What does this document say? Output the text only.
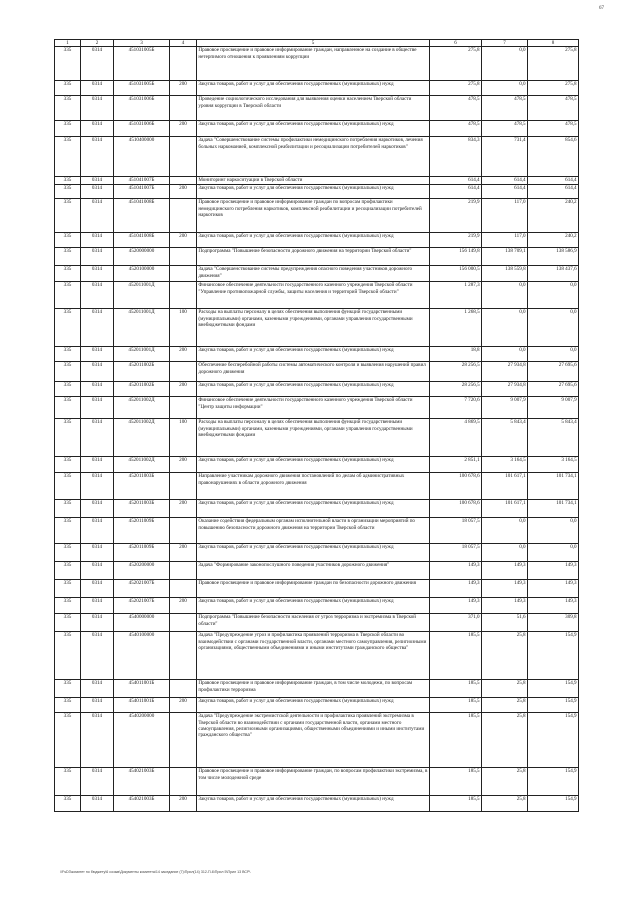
67
1	2	3	4	5	6	7	8
335	0314	451031005Б		Правовое просвещение и правовое информирование граждан, направленное на создание в обществе нетерпимого отношения к проявлениям коррупции	275,8	0,0	275,8
335	0314	451031005Б	200	Закупка товаров, работ и услуг для обеспечения государственных (муниципальных) нужд	275,8	0,0	275,8
335	0314	451031006Б		Проведение социологического исследования для выявления оценки населением Тверской области уровня коррупции в Тверской области	478,5	478,5	478,5
335	0314	451031006Б	200	Закупка товаров, работ и услуг для обеспечения государственных (муниципальных) нужд	478,5	478,5	478,5
335	0314	4510400000		Задача "Совершенствование системы профилактики немедицинского потребления наркотиков, лечения больных наркоманией, комплексной реабилитации и ресоциализации потребителей наркотиков"	834,3	731,4	854,6
335	0314	451041007Б		Мониторинг наркоситуации в Тверской области	614,4	614,4	614,4
335	0314	451041007Б	200	Закупка товаров, работ и услуг для обеспечения государственных (муниципальных) нужд	614,4	614,4	614,4
335	0314	451041008Б		Правовое просвещение и правовое информирование граждан по вопросам профилактики немедицинского потребления наркотиков, комплексной реабилитации и ресоциализации потребителей наркотиков	219,9	117,0	240,2
335	0314	451041008Б	200	Закупка товаров, работ и услуг для обеспечения государственных (муниципальных) нужд	219,9	117,0	240,2
335	0314	4520000000		Подпрограмма "Повышение безопасности дорожного движения на территории Тверской области"	156 149,8	138 709,1	138 586,9
335	0314	4520100000		Задача "Совершенствование системы предупреждения опасного поведения участников дорожного движения"	156 000,5	138 559,8	138 437,6
335	0314	452011001Д		Финансовое обеспечение деятельности государственного казенного учреждения Тверской области "Управление противопожарной службы, защиты населения и территорий Тверской области"	1 287,3	0,0	0,0
335	0314	452011001Д	100	Расходы на выплаты персоналу в целях обеспечения выполнения функций государственными (муниципальными) органами, казенными учреждениями, органами управления государственными внебюджетными фондами	1 268,5	0,0	0,0
335	0314	452011001Д	200	Закупка товаров, работ и услуг для обеспечения государственных (муниципальных) нужд	18,8	0,0	0,0
335	0314	452011002Б		Обеспечение бесперебойной работы системы автоматического контроля и выявления нарушений правил дорожного движения	28 256,5	27 934,8	27 695,6
335	0314	452011002Б	200	Закупка товаров, работ и услуг для обеспечения государственных (муниципальных) нужд	28 256,5	27 934,8	27 695,6
335	0314	452011002Д		Финансовое обеспечение деятельности государственного казенного учреждения Тверской области "Центр защиты информации"	7 720,6	9 007,9	9 007,9
335	0314	452011002Д	100	Расходы на выплаты персоналу в целях обеспечения выполнения функций государственными (муниципальными) органами, казенными учреждениями, органами управления государственными внебюджетными фондами	4 869,5	5 843,4	5 843,4
335	0314	452011002Д	200	Закупка товаров, работ и услуг для обеспечения государственных (муниципальных) нужд	2 851,1	3 164,5	3 164,5
335	0314	452011003Б		Направление участникам дорожного движения постановлений по делам об административных правонарушениях в области дорожного движения	100 678,6	101 617,1	101 734,1
335	0314	452011003Б	200	Закупка товаров, работ и услуг для обеспечения государственных (муниципальных) нужд	100 678,6	101 617,1	101 734,1
335	0314	452011009Б		Оказание содействия федеральным органам исполнительной власти в организации мероприятий по повышению безопасности дорожного движения на территории Тверской области	18 057,5	0,0	0,0
335	0314	452011009Б	200	Закупка товаров, работ и услуг для обеспечения государственных (муниципальных) нужд	18 057,5	0,0	0,0
335	0314	4520200000		Задача "Формирование законопослушного поведения участников дорожного движения"	149,3	149,3	149,3
335	0314	452021007Б		Правовое просвещение и правовое информирование граждан по безопасности дорожного движения	149,3	149,3	149,3
335	0314	452021007Б	200	Закупка товаров, работ и услуг для обеспечения государственных (муниципальных) нужд	149,3	149,3	149,3
335	0314	4540000000		Подпрограмма "Повышение безопасности населения от угроз терроризма и экстремизма в Тверской области"	371,0	51,6	309,8
335	0314	4540100000		Задача "Предупреждение угроз и профилактика проявлений терроризма в Тверской области во взаимодействии с органами государственной власти, органами местного самоуправления, религиозными организациями, общественными объединениями и иными институтами гражданского общества"	185,5	25,8	154,9
335	0314	454011001Б		Правовое просвещение и правовое информирование граждан, в том числе молодежи, по вопросам профилактики терроризма	185,5	25,8	154,9
335	0314	454011001Б	200	Закупка товаров, работ и услуг для обеспечения государственных (муниципальных) нужд	185,5	25,8	154,9
335	0314	4540200000		Задача "Предупреждение экстремистской деятельности и профилактика проявлений экстремизма в Тверской области во взаимодействии с органами государственной власти, органами местного самоуправления, религиозными организациями, общественными объединениями и иными институтами гражданского общества"	185,5	25,8	154,9
335	0314	454021003Б		Правовое просвещение и правовое информирование граждан, по вопросам профилактики экстремизма, в том числе молодежной среде	185,5	25,8	154,9
335	0314	454021003Б	200	Закупка товаров, работ и услуг для обеспечения государственных (муниципальных) нужд	185,5	25,8	154,9
\\FsD3\комитет по бюджету\6 созыв\Документы комитета\14 заседание (7)\Прил(14) 312-П-6\Прил 5\Прил 13 ВСР\
